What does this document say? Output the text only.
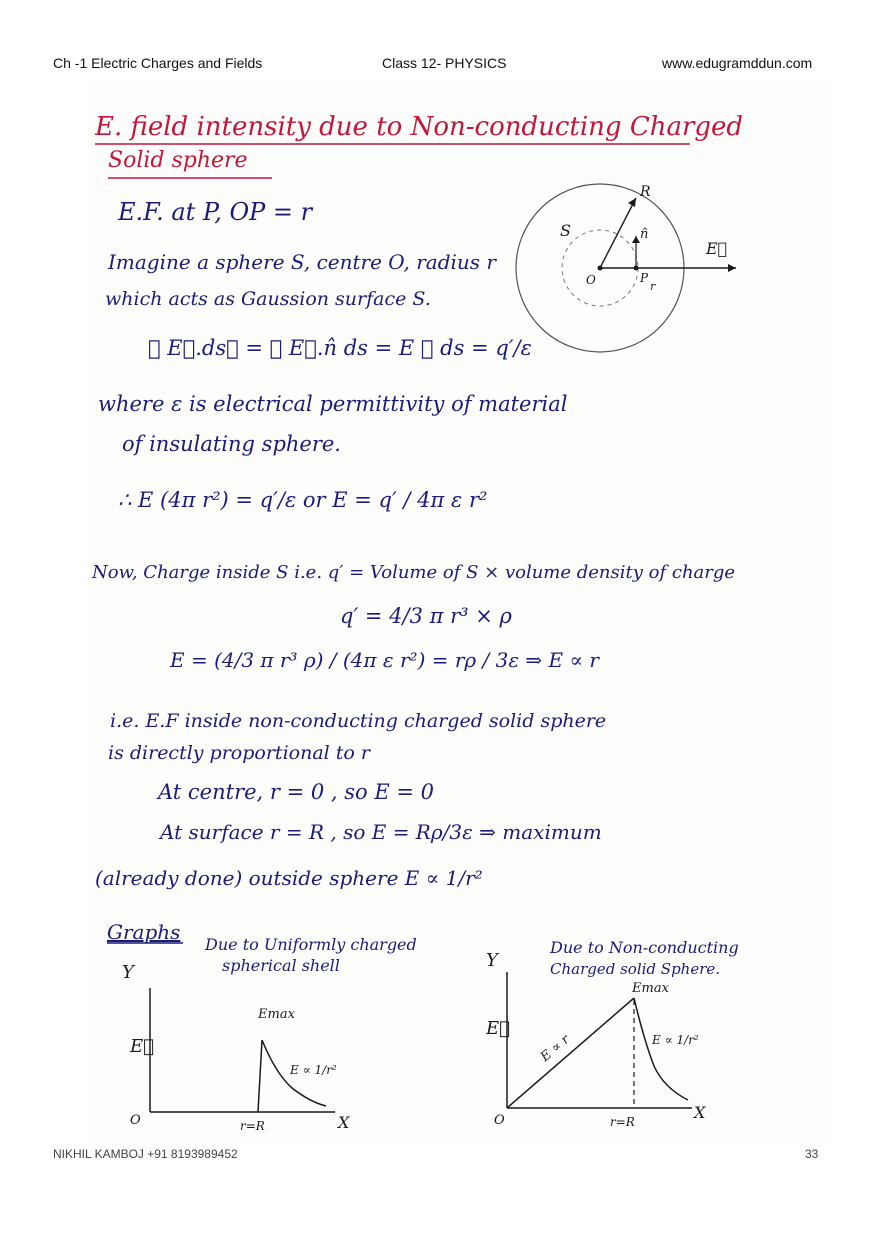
Ch -1 Electric Charges and Fields	Class 12- PHYSICS	www.edugramddun.com
E. field intensity due to Non-conducting Charged
Solid sphere
E.F. at P, OP = r
Imagine a sphere S, centre O, radius r
which acts as Gaussion surface S.
∮ E⃗.ds⃗ = ∮ E⃗.n̂ ds = E ∮ ds = q′/ε
where ε is electrical permittivity of material
of insulating sphere.
∴ E (4π r²) = q′/ε or E = q′ / 4π ε r²
Now, Charge inside S i.e. q′ = Volume of S × volume density of charge
q′ = 4/3 π r³ × ρ
E = (4/3 π r³ ρ) / (4π ε r²) = rρ / 3ε ⇒ E ∝ r
i.e. E.F inside non-conducting charged solid sphere
is directly proportional to r
At centre, r = 0 , so E = 0
At surface r = R , so E = Rρ/3ε ⇒ maximum
(already done) outside sphere E ∝ 1/r²
Graphs
Due to Uniformly charged
spherical shell
Due to Non-conducting
Charged solid Sphere.
R
S
O	P
r
n̂
E⃗
Y
E⃗
O	X
Emax
r=R
E ∝ 1/r²
Y
E⃗
O	X
Emax
r=R
E ∝ r	E ∝ 1/r²
NIKHIL KAMBOJ +91 8193989452	33
